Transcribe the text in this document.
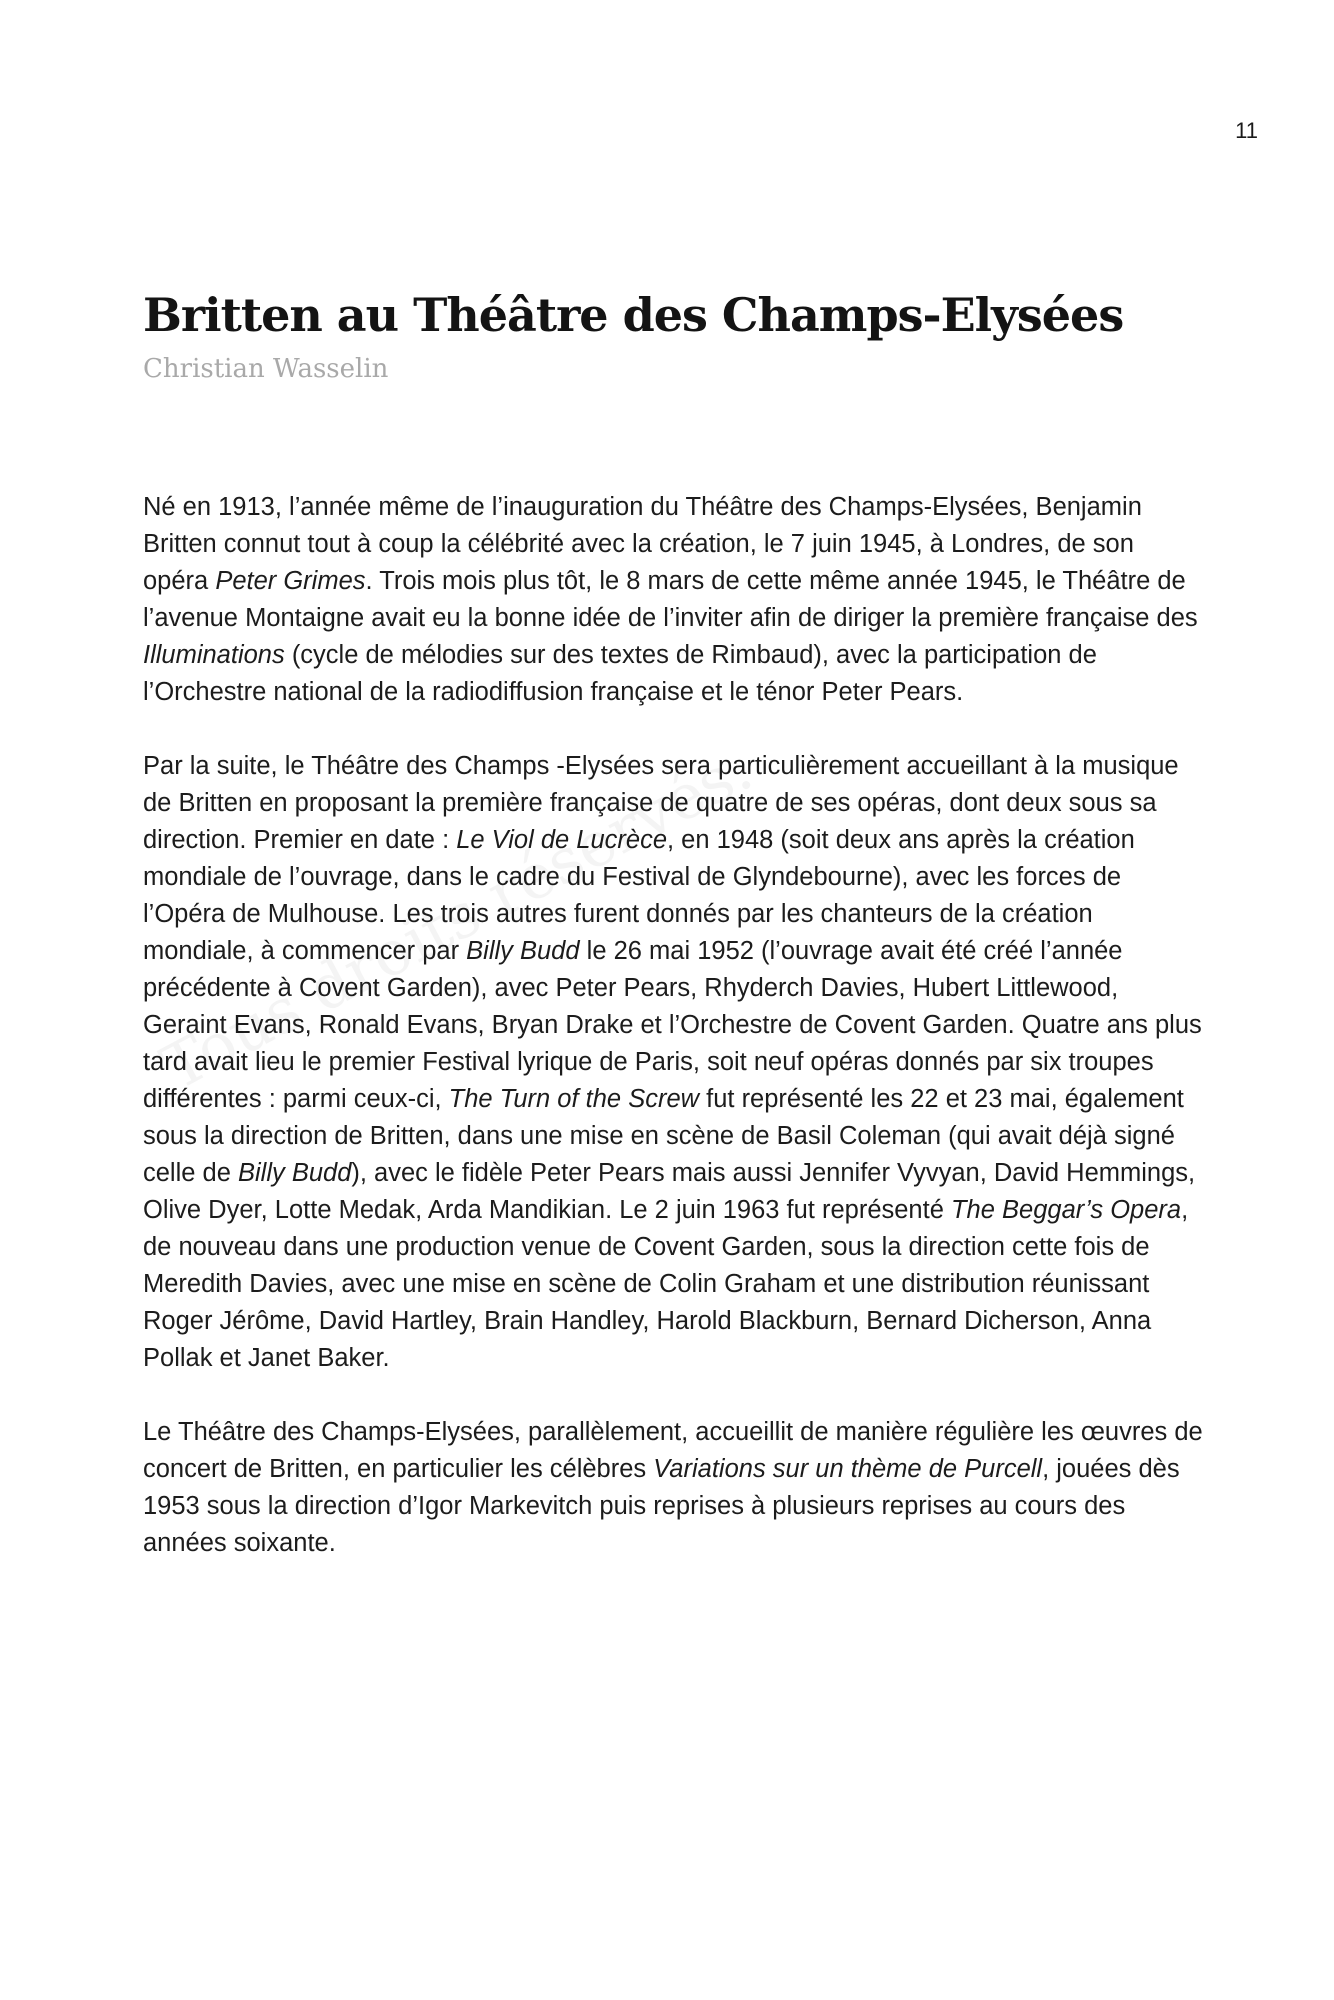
11
Britten au Théâtre des Champs-Elysées
Christian Wasselin

Né en 1913, l’année même de l’inauguration du Théâtre des Champs-Elysées, Benjamin Britten connut tout à coup la célébrité avec la création, le 7 juin 1945, à Londres, de son opéra Peter Grimes. Trois mois plus tôt, le 8 mars de cette même année 1945, le Théâtre de l’avenue Montaigne avait eu la bonne idée de l’inviter afin de diriger la première française des Illuminations (cycle de mélodies sur des textes de Rimbaud), avec la participation de l’Orchestre national de la radiodiffusion française et le ténor Peter Pears.

Par la suite, le Théâtre des Champs -Elysées sera particulièrement accueillant à la musique de Britten en proposant la première française de quatre de ses opéras, dont deux sous sa direction. Premier en date : Le Viol de Lucrèce, en 1948 (soit deux ans après la création mondiale de l’ouvrage, dans le cadre du Festival de Glyndebourne), avec les forces de l’Opéra de Mulhouse. Les trois autres furent donnés par les chanteurs de la création mondiale, à commencer par Billy Budd le 26 mai 1952 (l’ouvrage avait été créé l’année précédente à Covent Garden), avec Peter Pears, Rhyderch Davies, Hubert Littlewood, Geraint Evans, Ronald Evans, Bryan Drake et l’Orchestre de Covent Garden. Quatre ans plus tard avait lieu le premier Festival lyrique de Paris, soit neuf opéras donnés par six troupes différentes : parmi ceux-ci, The Turn of the Screw fut représenté les 22 et 23 mai, également sous la direction de Britten, dans une mise en scène de Basil Coleman (qui avait déjà signé celle de Billy Budd), avec le fidèle Peter Pears mais aussi Jennifer Vyvyan, David Hemmings, Olive Dyer, Lotte Medak, Arda Mandikian. Le 2 juin 1963 fut représenté The Beggar’s Opera, de nouveau dans une production venue de Covent Garden, sous la direction cette fois de Meredith Davies, avec une mise en scène de Colin Graham et une distribution réunissant Roger Jérôme, David Hartley, Brain Handley, Harold Blackburn, Bernard Dicherson, Anna Pollak et Janet Baker.

Le Théâtre des Champs-Elysées, parallèlement, accueillit de manière régulière les œuvres de concert de Britten, en particulier les célèbres Variations sur un thème de Purcell, jouées dès 1953 sous la direction d’Igor Markevitch puis reprises à plusieurs reprises au cours des années soixante.
